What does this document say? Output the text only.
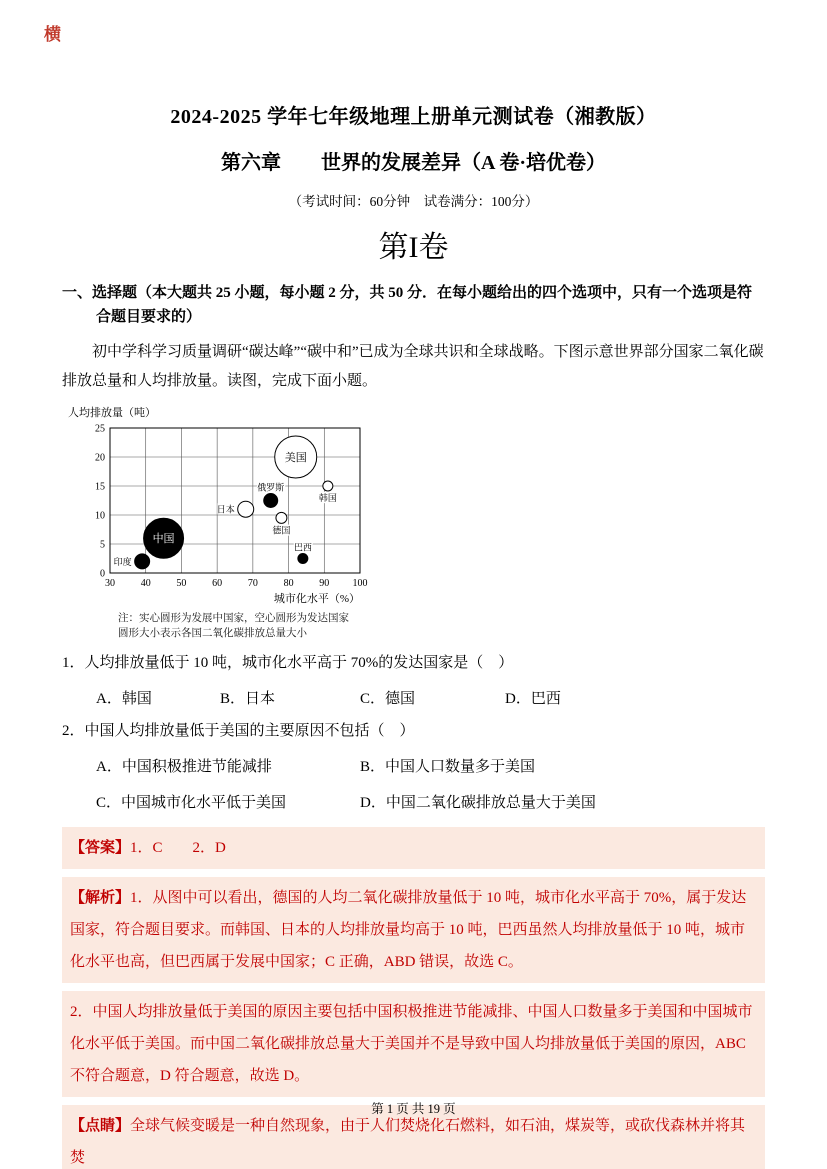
横
2024-2025 学年七年级地理上册单元测试卷（湘教版）
第六章　　世界的发展差异（A 卷·培优卷）
（考试时间：60分钟　试卷满分：100分）
第I卷
一、选择题（本大题共 25 小题，每小题 2 分，共 50 分．在每小题给出的四个选项中，只有一个选项是符合题目要求的）
初中学科学习质量调研“碳达峰”“碳中和”已成为全球共识和全球战略。下图示意世界部分国家二氧化碳排放总量和人均排放量。读图，完成下面小题。
人均排放量（吨）
0
5
10
15
20
25
30	40	50	60	70	80	90 100
美国
韩国
俄罗斯
日本
德国
中国
印度
巴西
城市化水平（%）
注：实心圆形为发展中国家，空心圆形为发达国家
圆形大小表示各国二氧化碳排放总量大小
1．人均排放量低于 10 吨，城市化水平高于 70%的发达国家是（　）
A．韩国	B．日本	C．德国	D．巴西
2．中国人均排放量低于美国的主要原因不包括（　）
A．中国积极推进节能减排	B．中国人口数量多于美国
C．中国城市化水平低于美国	D．中国二氧化碳排放总量大于美国
【答案】1．C　　2．D
【解析】1．从图中可以看出，德国的人均二氧化碳排放量低于 10 吨，城市化水平高于 70%，属于发达国家，符合题目要求。而韩国、日本的人均排放量均高于 10 吨，巴西虽然人均排放量低于 10 吨，城市化水平也高，但巴西属于发展中国家；C 正确，ABD 错误，故选 C。
2．中国人均排放量低于美国的原因主要包括中国积极推进节能减排、中国人口数量多于美国和中国城市化水平低于美国。而中国二氧化碳排放总量大于美国并不是导致中国人均排放量低于美国的原因，ABC 不符合题意，D 符合题意，故选 D。
【点睛】全球气候变暖是一种自然现象，由于人们焚烧化石燃料，如石油，煤炭等，或砍伐森林并将其焚
第 1 页 共 19 页
